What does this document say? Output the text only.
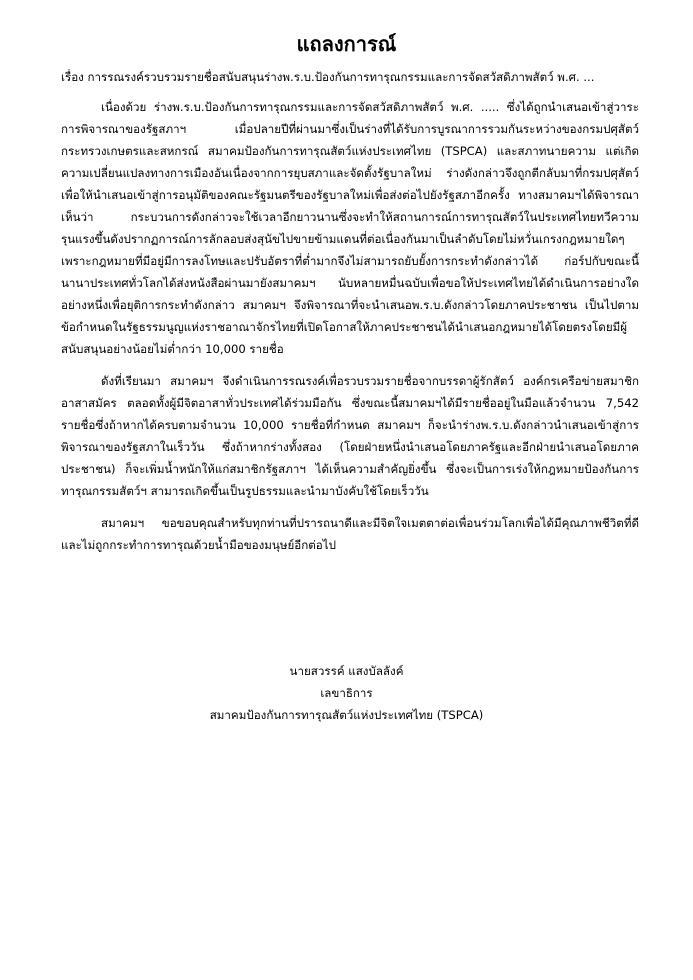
แถลงการณ์
เรื่อง การรณรงค์รวบรวมรายชื่อสนับสนุนร่างพ.ร.บ.ป้องกันการทารุณกรรมและการจัดสวัสดิภาพสัตว์ พ.ศ. ...

เนื่องด้วย ร่างพ.ร.บ.ป้องกันการทารุณกรรมและการจัดสวัสดิภาพสัตว์ พ.ศ. ..... ซึ่งได้ถูกนำเสนอเข้าสู่วาระการพิจารณาของรัฐสภาฯ เมื่อปลายปีที่ผ่านมาซึ่งเป็นร่างที่ได้รับการบูรณาการรวมกันระหว่างของกรมปศุสัตว์ กระทรวงเกษตรและสหกรณ์ สมาคมป้องกันการทารุณสัตว์แห่งประเทศไทย (TSPCA) และสภาทนายความ แต่เกิดความเปลี่ยนแปลงทางการเมืองอันเนื่องจากการยุบสภาและจัดตั้งรัฐบาลใหม่ ร่างดังกล่าวจึงถูกตีกลับมาที่กรมปศุสัตว์เพื่อให้นำเสนอเข้าสู่การอนุมัติของคณะรัฐมนตรีของรัฐบาลใหม่เพื่อส่งต่อไปยังรัฐสภาอีกครั้ง ทางสมาคมฯได้พิจารณาเห็นว่า กระบวนการดังกล่าวจะใช้เวลาอีกยาวนานซึ่งจะทำให้สถานการณ์การทารุณสัตว์ในประเทศไทยทวีความรุนแรงขึ้นดังปรากฏการณ์การลักลอบส่งสุนัขไปขายข้ามแดนที่ต่อเนื่องกันมาเป็นลำดับโดยไม่หวั่นเกรงกฎหมายใดๆ เพราะกฎหมายที่มีอยู่มีการลงโทษและปรับอัตราที่ต่ำมากจึงไม่สามารถยับยั้งการกระทำดังกล่าวได้ ก่อร์ปกับขณะนี้นานาประเทศทั่วโลกได้ส่งหนังสือผ่านมายังสมาคมฯ นับหลายหมื่นฉบับเพื่อขอให้ประเทศไทยได้ดำเนินการอย่างใดอย่างหนึ่งเพื่อยุติการกระทำดังกล่าว สมาคมฯ จึงพิจารณาที่จะนำเสนอพ.ร.บ.ดังกล่าวโดยภาคประชาชน เป็นไปตามข้อกำหนดในรัฐธรรมนูญแห่งราชอาณาจักรไทยที่เปิดโอกาสให้ภาคประชาชนได้นำเสนอกฎหมายได้โดยตรงโดยมีผู้สนับสนุนอย่างน้อยไม่ต่ำกว่า 10,000 รายชื่อ

ดังที่เรียนมา สมาคมฯ จึงดำเนินการรณรงค์เพื่อรวบรวมรายชื่อจากบรรดาผู้รักสัตว์ องค์กรเครือข่ายสมาชิก อาสาสมัคร ตลอดทั้งผู้มีจิตอาสาทั่วประเทศได้ร่วมมือกัน ซึ่งขณะนี้สมาคมฯได้มีรายชื่ออยู่ในมือแล้วจำนวน 7,542 รายชื่อซึ่งถ้าหากได้ครบตามจำนวน 10,000 รายชื่อที่กำหนด สมาคมฯ ก็จะนำร่างพ.ร.บ.ดังกล่าวนำเสนอเข้าสู่การพิจารณาของรัฐสภาในเร็ววัน ซึ่งถ้าหากร่างทั้งสอง (โดยฝ่ายหนึ่งนำเสนอโดยภาครัฐและอีกฝ่ายนำเสนอโดยภาคประชาชน) ก็จะเพิ่มน้ำหนักให้แก่สมาชิกรัฐสภาฯ ได้เห็นความสำคัญยิ่งขึ้น ซึ่งจะเป็นการเร่งให้กฎหมายป้องกันการทารุณกรรมสัตว์ฯ สามารถเกิดขึ้นเป็นรูปธรรมและนำมาบังคับใช้โดยเร็ววัน

สมาคมฯ ขอขอบคุณสำหรับทุกท่านที่ปรารถนาดีและมีจิตใจเมตตาต่อเพื่อนร่วมโลกเพื่อได้มีคุณภาพชีวิตที่ดีและไม่ถูกกระทำการทารุณด้วยน้ำมือของมนุษย์อีกต่อไป

นายสวรรค์ แสงบัลลังค์
เลขาธิการ
สมาคมป้องกันการทารุณสัตว์แห่งประเทศไทย (TSPCA)
